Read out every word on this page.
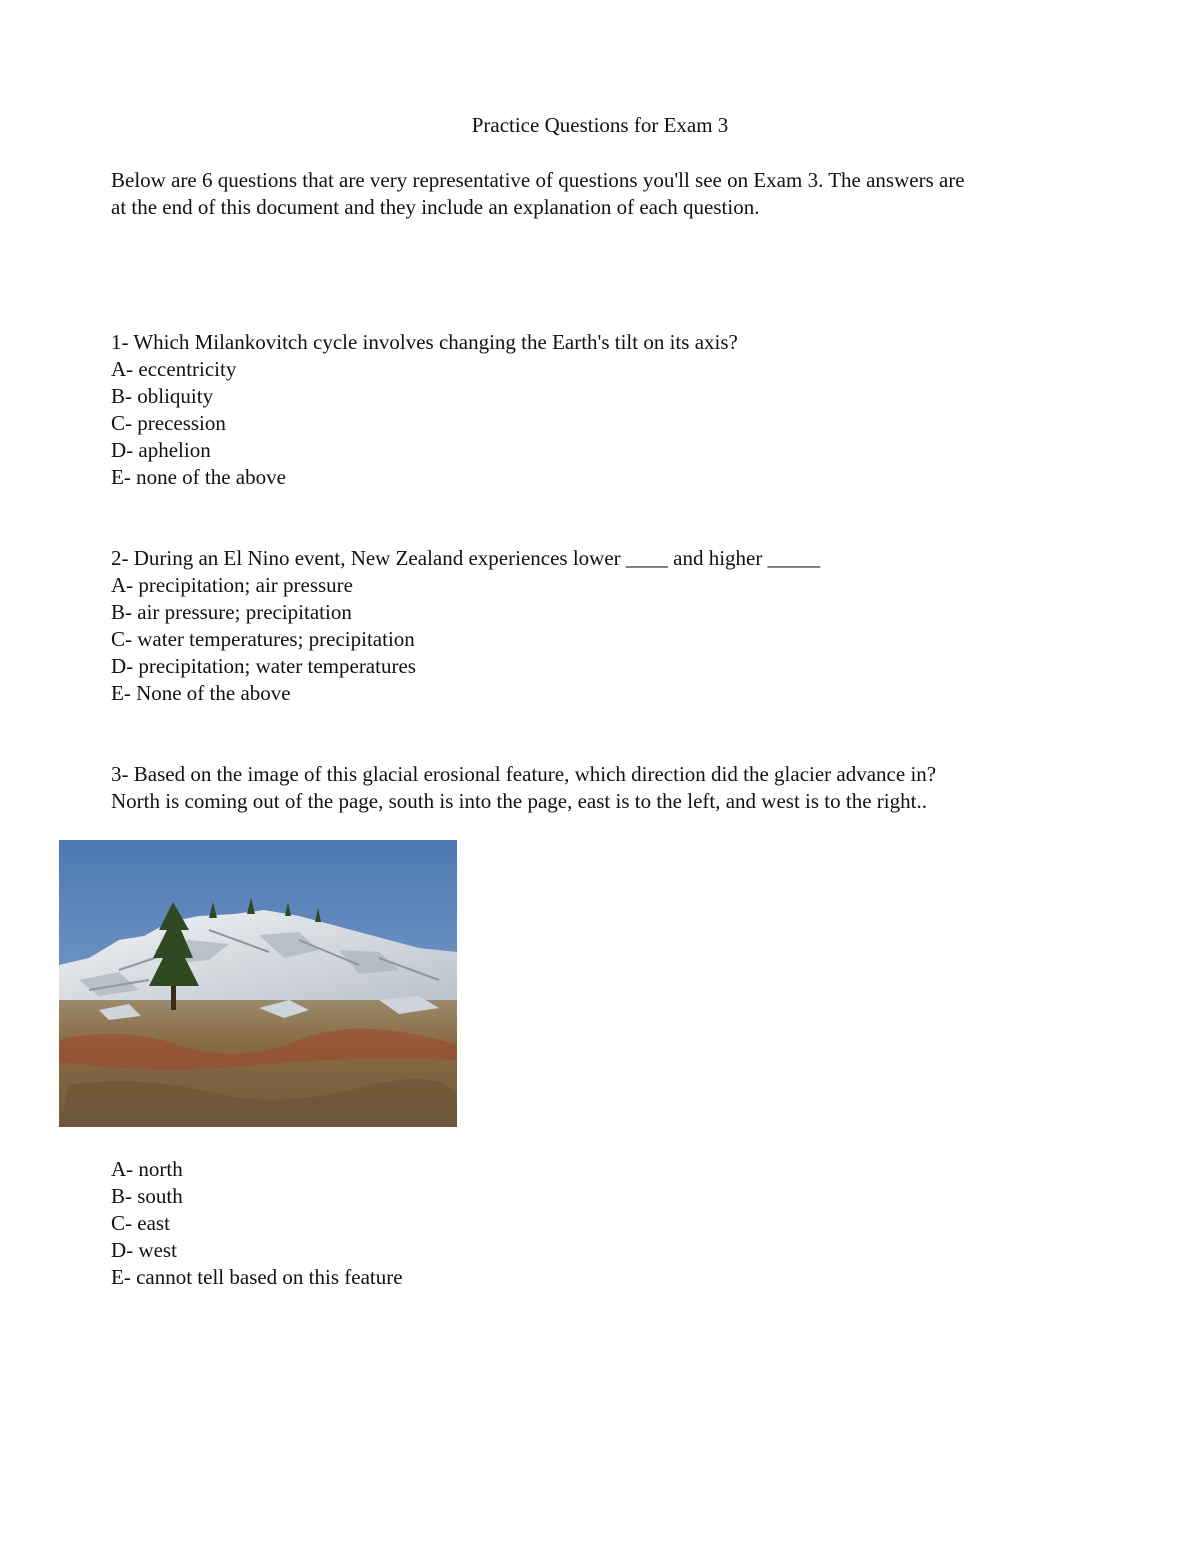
Practice Questions for Exam 3

Below are 6 questions that are very representative of questions you'll see on Exam 3. The answers are

at the end of this document and they include an explanation of each question.

1- Which Milankovitch cycle involves changing the Earth's tilt on its axis?

A- eccentricity

B- obliquity

C- precession

D- aphelion

E- none of the above

2- During an El Nino event, New Zealand experiences lower ____ and higher _____

A- precipitation; air pressure

B- air pressure; precipitation

C- water temperatures; precipitation

D- precipitation; water temperatures

E- None of the above

3- Based on the image of this glacial erosional feature, which direction did the glacier advance in?

North is coming out of the page, south is into the page, east is to the left, and west is to the right..

A- north

B- south

C- east

D- west

E- cannot tell based on this feature
